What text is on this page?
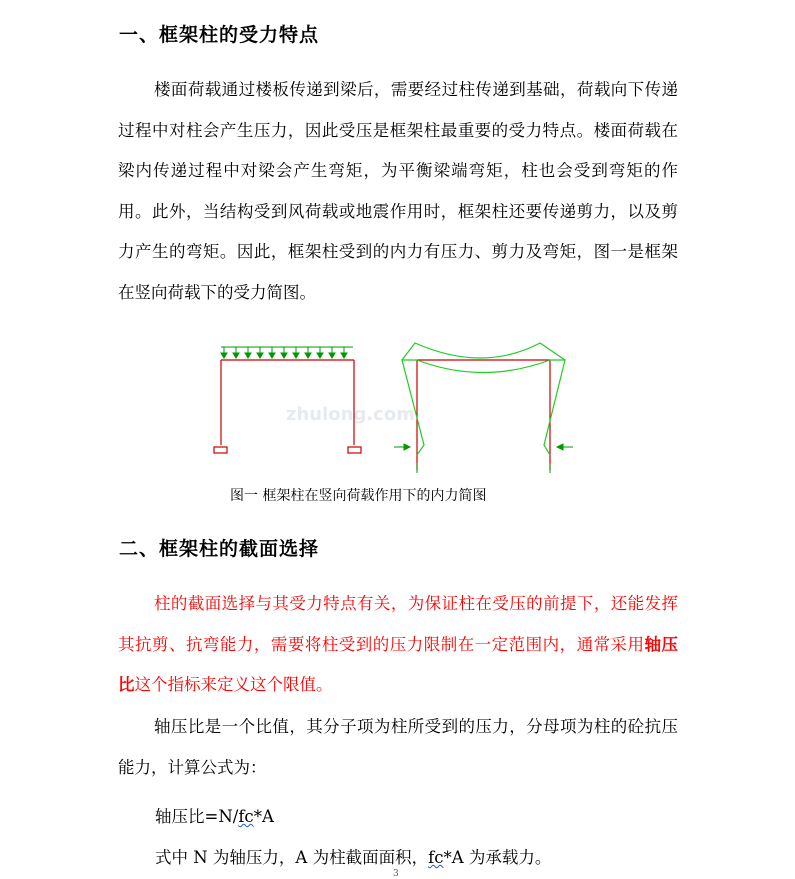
一、框架柱的受力特点

楼面荷载通过楼板传递到梁后，需要经过柱传递到基础，荷载向下传递过程中对柱会产生压力，因此受压是框架柱最重要的受力特点。楼面荷载在梁内传递过程中对梁会产生弯矩，为平衡梁端弯矩，柱也会受到弯矩的作用。此外，当结构受到风荷载或地震作用时，框架柱还要传递剪力，以及剪力产生的弯矩。因此，框架柱受到的内力有压力、剪力及弯矩，图一是框架在竖向荷载下的受力简图。

zhulong.com
图一 框架柱在竖向荷载作用下的内力简图
二、框架柱的截面选择

柱的截面选择与其受力特点有关，为保证柱在受压的前提下，还能发挥其抗剪、抗弯能力，需要将柱受到的压力限制在一定范围内，通常采用轴压比这个指标来定义这个限值。

轴压比是一个比值，其分子项为柱所受到的压力，分母项为柱的砼抗压能力，计算公式为：

轴压比=N/fc*A

式中 N 为轴压力，A 为柱截面面积，fc*A 为承载力。

3
